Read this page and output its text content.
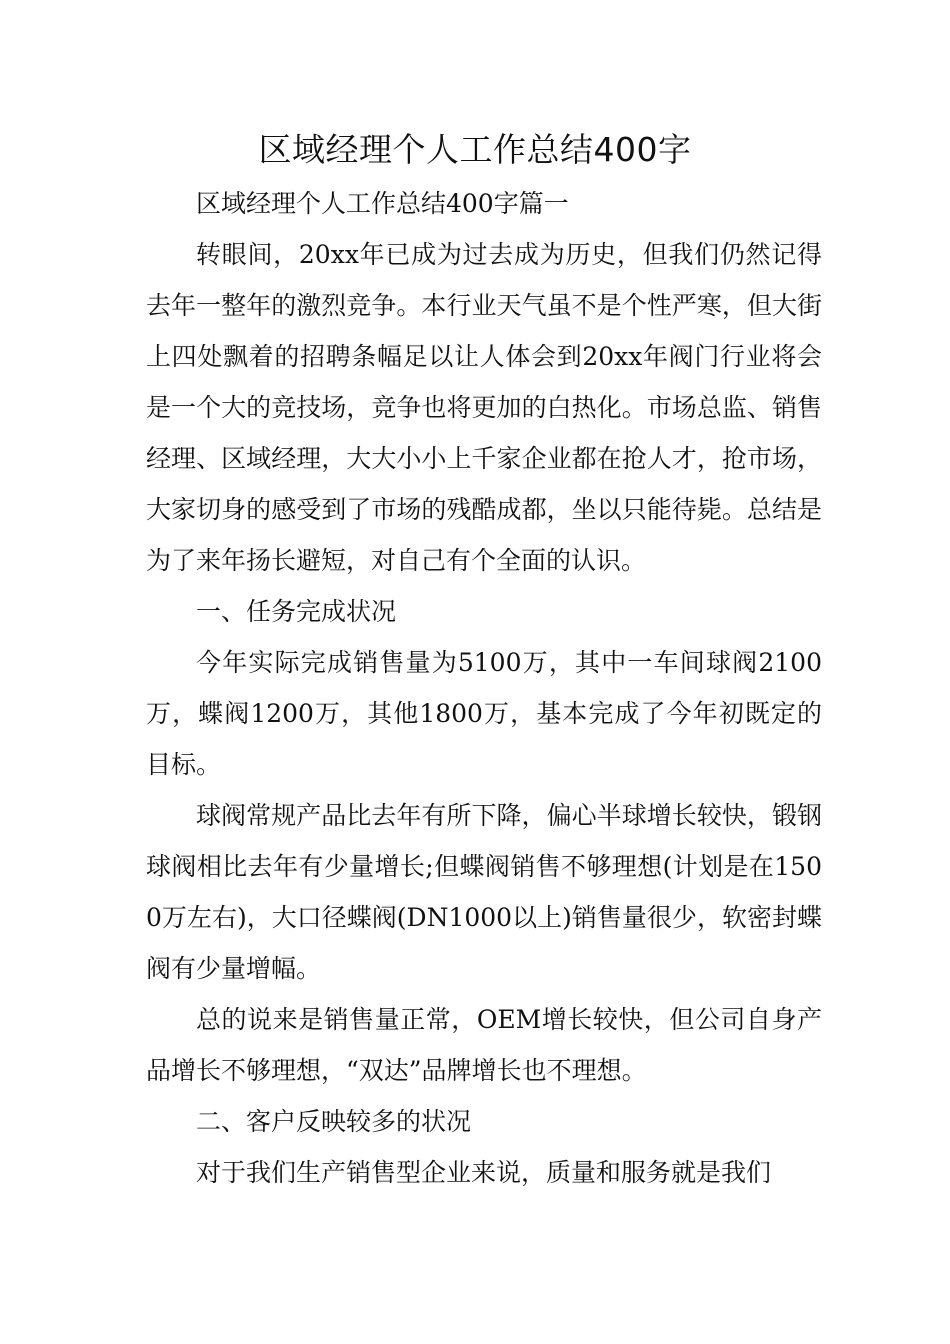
区域经理个人工作总结400字

区域经理个人工作总结400字篇一

转眼间，20xx年已成为过去成为历史，但我们仍然记得去年一整年的激烈竞争。本行业天气虽不是个性严寒，但大街上四处飘着的招聘条幅足以让人体会到20xx年阀门行业将会是一个大的竞技场，竞争也将更加的白热化。市场总监、销售经理、区域经理，大大小小上千家企业都在抢人才，抢市场，大家切身的感受到了市场的残酷成都，坐以只能待毙。总结是为了来年扬长避短，对自己有个全面的认识。

一、任务完成状况

今年实际完成销售量为5100万，其中一车间球阀2100万，蝶阀1200万，其他1800万，基本完成了今年初既定的目标。

球阀常规产品比去年有所下降，偏心半球增长较快，锻钢球阀相比去年有少量增长;但蝶阀销售不够理想(计划是在1500万左右)，大口径蝶阀(DN1000以上)销售量很少，软密封蝶阀有少量增幅。

总的说来是销售量正常，OEM增长较快，但公司自身产品增长不够理想，“双达”品牌增长也不理想。

二、客户反映较多的状况

对于我们生产销售型企业来说，质量和服务就是我们
